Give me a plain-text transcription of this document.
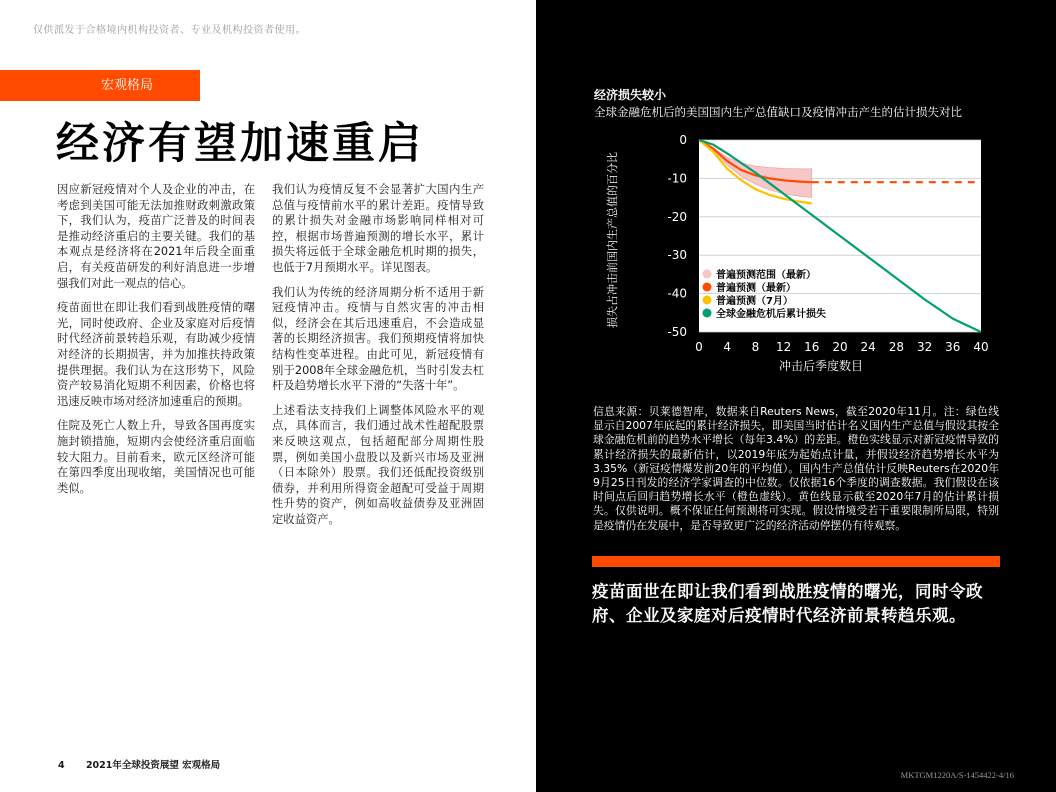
仅供派发于合格境内机构投资者、专业及机构投资者使用。
宏观格局
经济有望加速重启

因应新冠疫情对个人及企业的冲击，在考虑到美国可能无法加推财政刺激政策下，我们认为，疫苗广泛普及的时间表是推动经济重启的主要关键。我们的基本观点是经济将在2021年后段全面重启，有关疫苗研发的利好消息进一步增强我们对此一观点的信心。

疫苗面世在即让我们看到战胜疫情的曙光，同时使政府、企业及家庭对后疫情时代经济前景转趋乐观，有助减少疫情对经济的长期损害，并为加推扶持政策提供理据。我们认为在这形势下，风险资产较易消化短期不利因素，价格也将迅速反映市场对经济加速重启的预期。

住院及死亡人数上升，导致各国再度实施封锁措施，短期内会使经济重启面临较大阻力。目前看来，欧元区经济可能在第四季度出现收缩，美国情况也可能类似。

我们认为疫情反复不会显著扩大国内生产总值与疫情前水平的累计差距。疫情导致的累计损失对金融市场影响同样相对可控，根据市场普遍预测的增长水平，累计损失将远低于全球金融危机时期的损失，也低于7月预期水平。详见图表。

我们认为传统的经济周期分析不适用于新冠疫情冲击。疫情与自然灾害的冲击相似，经济会在其后迅速重启，不会造成显著的长期经济损害。我们预期疫情将加快结构性变革进程。由此可见，新冠疫情有别于2008年全球金融危机，当时引发去杠杆及趋势增长水平下滑的“失落十年”。

上述看法支持我们上调整体风险水平的观点，具体而言，我们通过战术性超配股票来反映这观点，包括超配部分周期性股票，例如美国小盘股以及新兴市场及亚洲（日本除外）股票。我们还低配投资级别债券，并利用所得资金超配可受益于周期性升势的资产，例如高收益债券及亚洲固定收益资产。

4 2021年全球投资展望 宏观格局
经济损失较小
全球金融危机后的美国国内生产总值缺口及疫情冲击产生的估计损失对比
0
-10
-20
-30
-40
-50
0 4 8 12 16 20 24 28 32 36 40
普遍预测范围（最新）
普遍预测（最新）
普遍预测（7月）
全球金融危机后累计损失
损失占冲击前国内生产总值的百分比
冲击后季度数目
信息来源：贝莱德智库，数据来自Reuters News，截至2020年11月。注：绿色线显示自2007年底起的累计经济损失，即美国当时估计名义国内生产总值与假设其按全球金融危机前的趋势水平增长（每年3.4%）的差距。橙色实线显示对新冠疫情导致的累计经济损失的最新估计，以2019年底为起始点计量，并假设经济趋势增长水平为3.35%（新冠疫情爆发前20年的平均值）。国内生产总值估计反映Reuters在2020年9月25日刊发的经济学家调查的中位数。仅依据16个季度的调查数据。我们假设在该时间点后回归趋势增长水平（橙色虚线）。黄色线显示截至2020年7月的估计累计损失。仅供说明。概不保证任何预测将可实现。假设情境受若干重要限制所局限，特别是疫情仍在发展中，是否导致更广泛的经济活动停摆仍有待观察。
疫苗面世在即让我们看到战胜疫情的曙光，同时令政府、企业及家庭对后疫情时代经济前景转趋乐观。
MKTGM1220A/S-1454422-4/16
